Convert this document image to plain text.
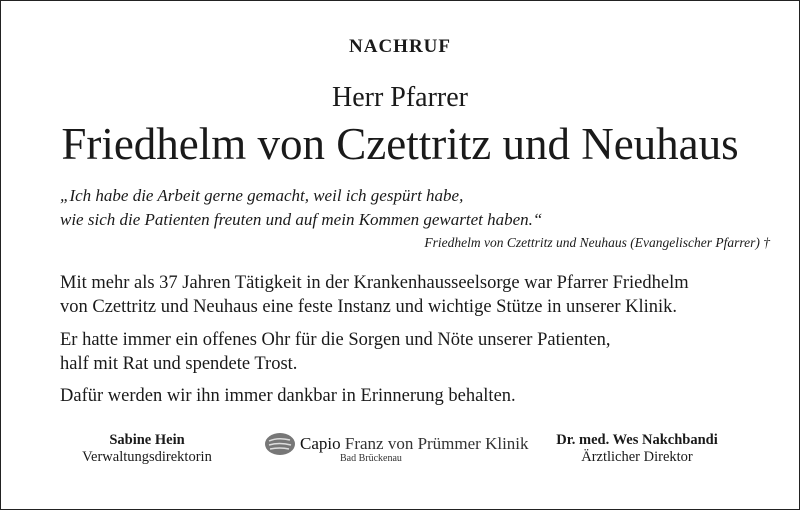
NACHRUF
Herr Pfarrer
Friedhelm von Czettritz und Neuhaus
„Ich habe die Arbeit gerne gemacht, weil ich gespürt habe,
wie sich die Patienten freuten und auf mein Kommen gewartet haben.“
Friedhelm von Czettritz und Neuhaus (Evangelischer Pfarrer) †
Mit mehr als 37 Jahren Tätigkeit in der Krankenhausseelsorge war Pfarrer Friedhelm
von Czettritz und Neuhaus eine feste Instanz und wichtige Stütze in unserer Klinik.
Er hatte immer ein offenes Ohr für die Sorgen und Nöte unserer Patienten,
half mit Rat und spendete Trost.
Dafür werden wir ihn immer dankbar in Erinnerung behalten.
Sabine Hein
Verwaltungsdirektorin
Capio Franz von Prümmer Klinik
Bad Brückenau
Dr. med. Wes Nakchbandi
Ärztlicher Direktor
